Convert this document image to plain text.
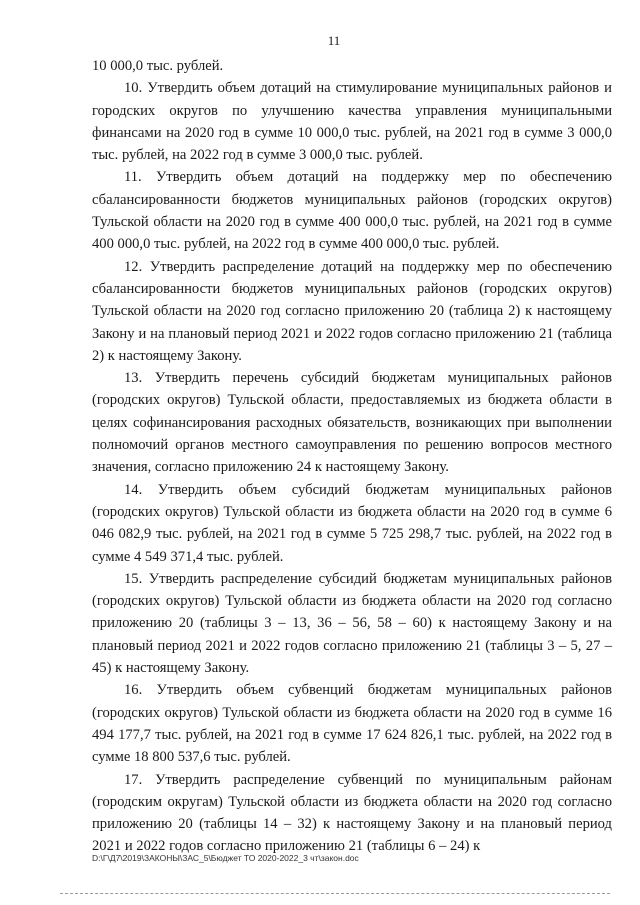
11

10 000,0 тыс. рублей.

10. Утвердить объем дотаций на стимулирование муниципальных районов и городских округов по улучшению качества управления муниципальными финансами на 2020 год в сумме 10 000,0 тыс. рублей, на 2021 год в сумме 3 000,0 тыс. рублей, на 2022 год в сумме 3 000,0 тыс. рублей.

11. Утвердить объем дотаций на поддержку мер по обеспечению сбалансированности бюджетов муниципальных районов (городских округов) Тульской области на 2020 год в сумме 400 000,0 тыс. рублей, на 2021 год в сумме 400 000,0 тыс. рублей, на 2022 год в сумме 400 000,0 тыс. рублей.

12. Утвердить распределение дотаций на поддержку мер по обеспечению сбалансированности бюджетов муниципальных районов (городских округов) Тульской области на 2020 год согласно приложению 20 (таблица 2) к настоящему Закону и на плановый период 2021 и 2022 годов согласно приложению 21 (таблица 2) к настоящему Закону.

13. Утвердить перечень субсидий бюджетам муниципальных районов (городских округов) Тульской области, предоставляемых из бюджета области в целях софинансирования расходных обязательств, возникающих при выполнении полномочий органов местного самоуправления по решению вопросов местного значения, согласно приложению 24 к настоящему Закону.

14. Утвердить объем субсидий бюджетам муниципальных районов (городских округов) Тульской области из бюджета области на 2020 год в сумме 6 046 082,9 тыс. рублей, на 2021 год в сумме 5 725 298,7 тыс. рублей, на 2022 год в сумме 4 549 371,4 тыс. рублей.

15. Утвердить распределение субсидий бюджетам муниципальных районов (городских округов) Тульской области из бюджета области на 2020 год согласно приложению 20 (таблицы 3 – 13, 36 – 56, 58 – 60) к настоящему Закону и на плановый период 2021 и 2022 годов согласно приложению 21 (таблицы 3 – 5, 27 – 45) к настоящему Закону.

16. Утвердить объем субвенций бюджетам муниципальных районов (городских округов) Тульской области из бюджета области на 2020 год в сумме 16 494 177,7 тыс. рублей, на 2021 год в сумме 17 624 826,1 тыс. рублей, на 2022 год в сумме 18 800 537,6 тыс. рублей.

17. Утвердить распределение субвенций по муниципальным районам (городским округам) Тульской области из бюджета области на 2020 год согласно приложению 20 (таблицы 14 – 32) к настоящему Закону и на плановый период 2021 и 2022 годов согласно приложению 21 (таблицы 6 – 24) к

D:\Г\Д7\2019\ЗАКОНЫ\ЗАС_5\Бюджет ТО 2020-2022_3 чт\закон.doc
